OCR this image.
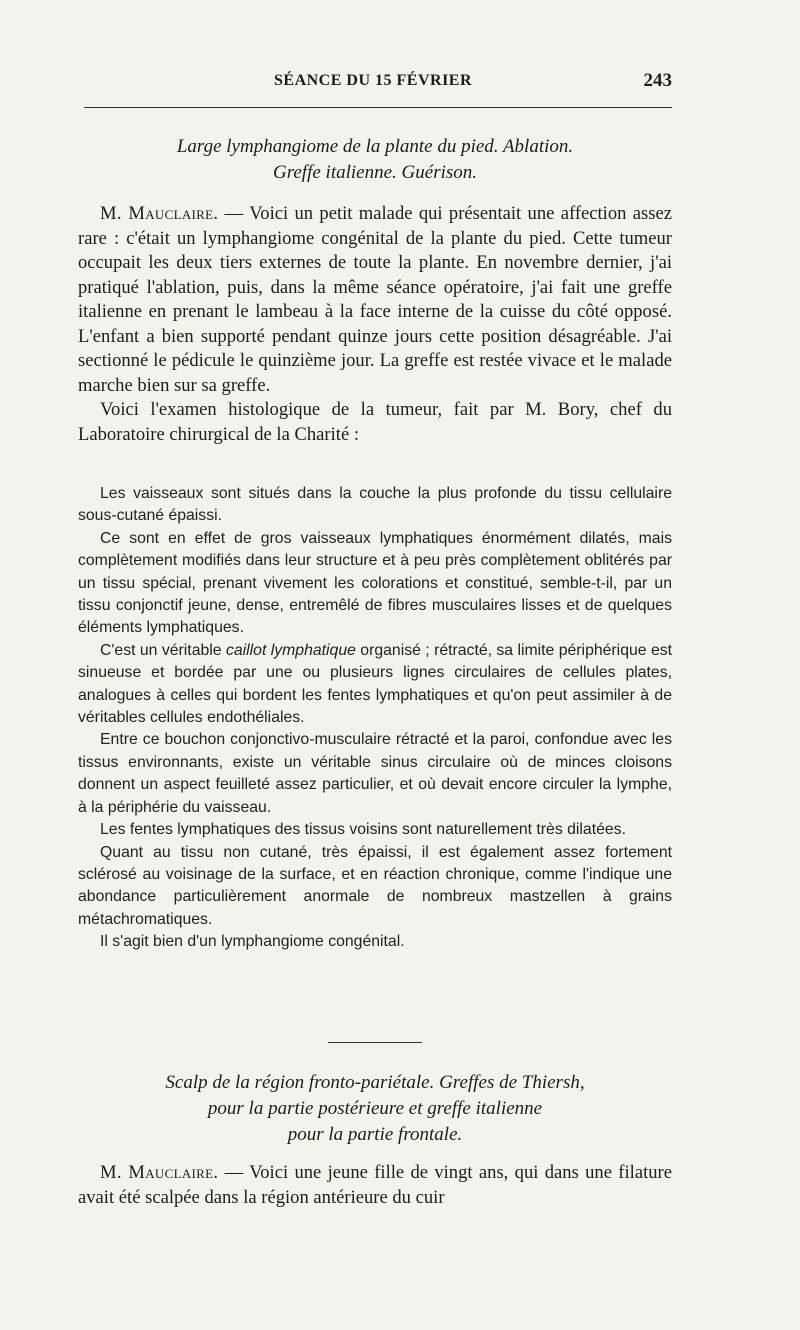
SÉANCE DU 15 FÉVRIER	243
Large lymphangiome de la plante du pied. Ablation.
Greffe italienne. Guérison.

M. Mauclaire. — Voici un petit malade qui présentait une affection assez rare : c'était un lymphangiome congénital de la plante du pied. Cette tumeur occupait les deux tiers externes de toute la plante. En novembre dernier, j'ai pratiqué l'ablation, puis, dans la même séance opératoire, j'ai fait une greffe italienne en prenant le lambeau à la face interne de la cuisse du côté opposé. L'enfant a bien supporté pendant quinze jours cette position désagréable. J'ai sectionné le pédicule le quinzième jour. La greffe est restée vivace et le malade marche bien sur sa greffe.

Voici l'examen histologique de la tumeur, fait par M. Bory, chef du Laboratoire chirurgical de la Charité :

Les vaisseaux sont situés dans la couche la plus profonde du tissu cellulaire sous-cutané épaissi.

Ce sont en effet de gros vaisseaux lymphatiques énormément dilatés, mais complètement modifiés dans leur structure et à peu près complètement oblitérés par un tissu spécial, prenant vivement les colorations et constitué, semble-t-il, par un tissu conjonctif jeune, dense, entremêlé de fibres musculaires lisses et de quelques éléments lymphatiques.

C'est un véritable caillot lymphatique organisé ; rétracté, sa limite périphérique est sinueuse et bordée par une ou plusieurs lignes circulaires de cellules plates, analogues à celles qui bordent les fentes lymphatiques et qu'on peut assimiler à de véritables cellules endothéliales.

Entre ce bouchon conjonctivo-musculaire rétracté et la paroi, confondue avec les tissus environnants, existe un véritable sinus circulaire où de minces cloisons donnent un aspect feuilleté assez particulier, et où devait encore circuler la lymphe, à la périphérie du vaisseau.

Les fentes lymphatiques des tissus voisins sont naturellement très dilatées.

Quant au tissu non cutané, très épaissi, il est également assez fortement sclérosé au voisinage de la surface, et en réaction chronique, comme l'indique une abondance particulièrement anormale de nombreux mastzellen à grains métachromatiques.

Il s'agit bien d'un lymphangiome congénital.

Scalp de la région fronto-pariétale. Greffes de Thiersh,
pour la partie postérieure et greffe italienne
pour la partie frontale.

M. Mauclaire. — Voici une jeune fille de vingt ans, qui dans une filature avait été scalpée dans la région antérieure du cuir
